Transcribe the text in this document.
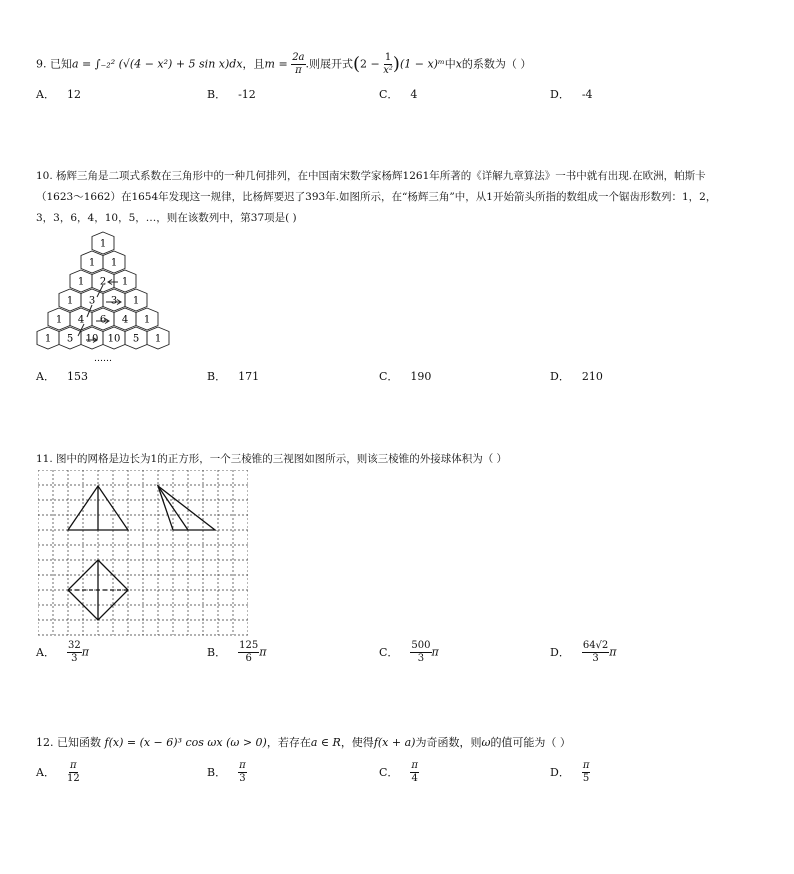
9. 已知a = ∫₋₂² (√(4 − x²) + 5 sin x)dx，且$m = \frac{2a}{\pi}$ .则展开式$(2 - \frac{1}{\text{x²}} )(1$ − x)ᵐ中x的系数为（ ）
A． 12	B． -12	C． 4	D． -4
10. 杨辉三角是二项式系数在三角形中的一种几何排列，在中国南宋数学家杨辉1261年所著的《详解九章算法》一书中就有出现.在欧洲，帕斯卡
（1623～1662）在1654年发现这一规律，比杨辉要迟了393年.如图所示，在“杨辉三角”中，从1开始箭头所指的数组成一个锯齿形数列：1，2，
3，3，6，4，10，5，…，则在该数列中，第37项是( )
1
1 1
1 2 1
1 3 3 1
1 4 6 4 1
1 5 10 10 5 1
……
A． 153	B． 171	C． 190	D． 210
11. 图中的网格是边长为1的正方形，一个三棱锥的三视图如图所示，则该三棱锥的外接球体积为（ ）
A． $\frac{32}{3}$ π	B． $\frac{125}{6}$ π	C． $\frac{500}{3}$ π	D． $\frac{64√2}{3}$ π
12. 已知函数 f(x) = (x − 6)³ cos ωx (ω > 0)，若存在a ∈ R，使得f(x + a)为奇函数，则ω的值可能为（ ）
A． $\frac{\pi}{12}$	B． $\frac{\pi}{3}$	C． $\frac{\pi}{4}$	D． $\frac{\pi}{5}$
